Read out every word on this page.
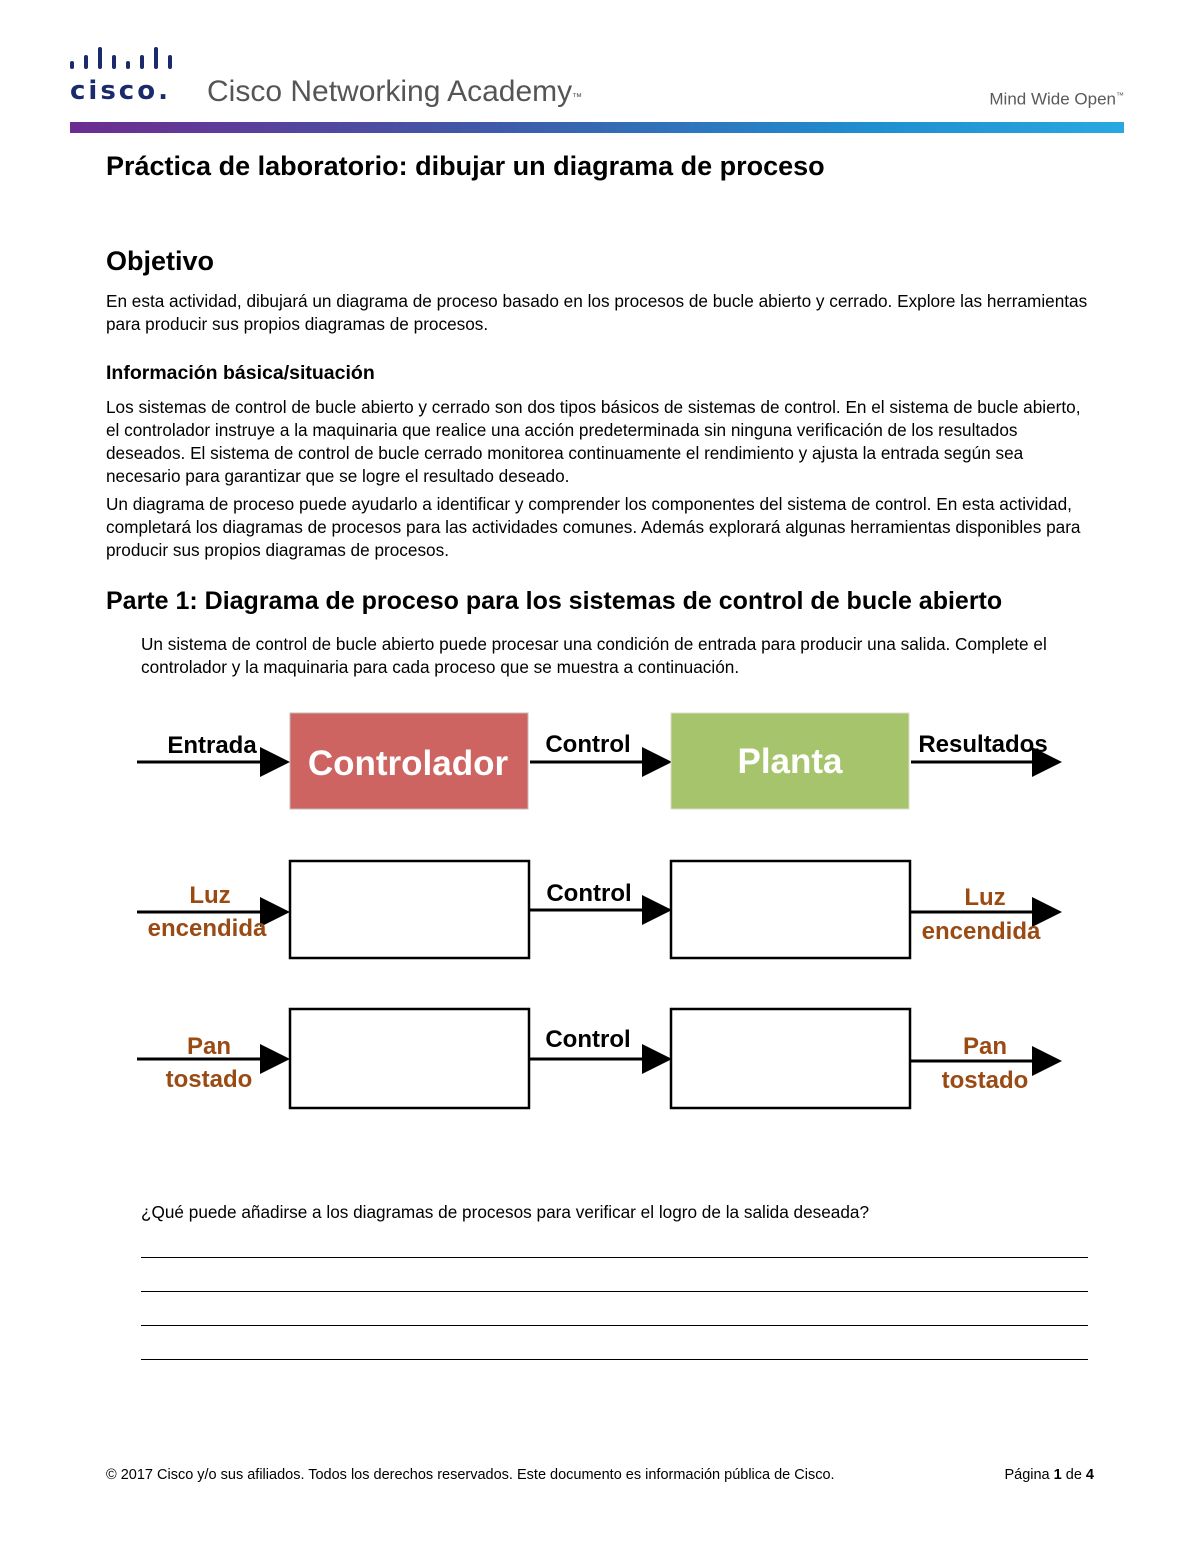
cisco. Cisco Networking Academy™	Mind Wide Open™
Práctica de laboratorio: dibujar un diagrama de proceso
Objetivo

En esta actividad, dibujará un diagrama de proceso basado en los procesos de bucle abierto y cerrado. Explore las herramientas para producir sus propios diagramas de procesos.

Información básica/situación

Los sistemas de control de bucle abierto y cerrado son dos tipos básicos de sistemas de control. En el sistema de bucle abierto, el controlador instruye a la maquinaria que realice una acción predeterminada sin ninguna verificación de los resultados deseados. El sistema de control de bucle cerrado monitorea continuamente el rendimiento y ajusta la entrada según sea necesario para garantizar que se logre el resultado deseado.

Un diagrama de proceso puede ayudarlo a identificar y comprender los componentes del sistema de control. En esta actividad, completará los diagramas de procesos para las actividades comunes. Además explorará algunas herramientas disponibles para producir sus propios diagramas de procesos.

Parte 1: Diagrama de proceso para los sistemas de control de bucle abierto

Un sistema de control de bucle abierto puede procesar una condición de entrada para producir una salida. Complete el controlador y la maquinaria para cada proceso que se muestra a continuación.

Entrada Controlador Control	Planta	Resultados
Luz
encendida
Control	Luz
encendida
Pan
tostado
Control	Pan
tostado

¿Qué puede añadirse a los diagramas de procesos para verificar el logro de la salida deseada?

© 2017 Cisco y/o sus afiliados. Todos los derechos reservados. Este documento es información pública de Cisco.	Página 1 de 4
